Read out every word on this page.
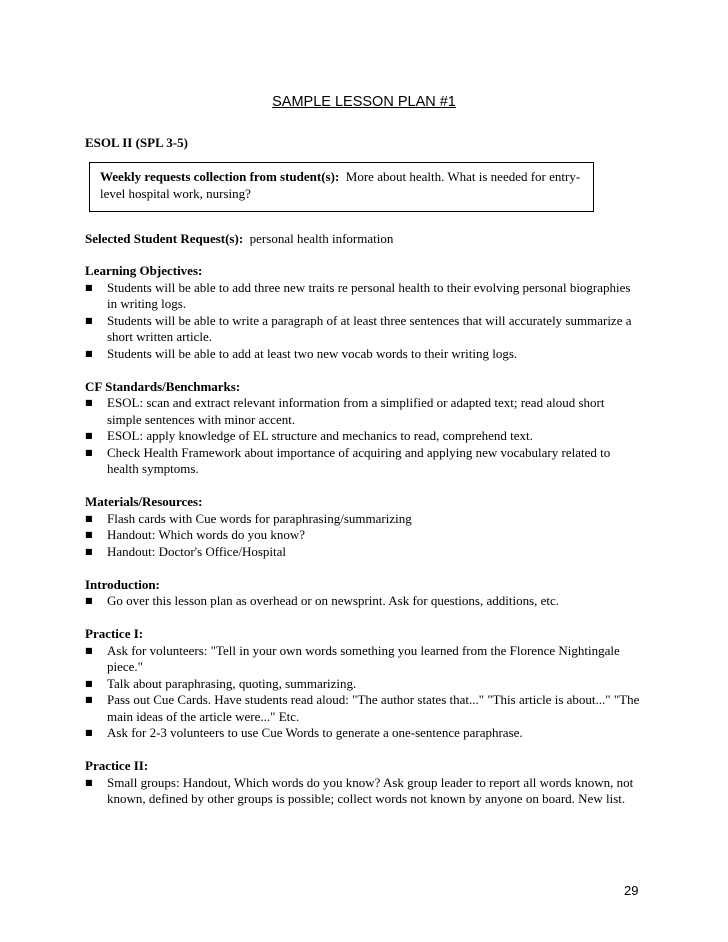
SAMPLE LESSON PLAN #1
ESOL II (SPL 3-5)
Weekly requests collection from student(s): More about health. What is needed for entry-level hospital work, nursing?
Selected Student Request(s): personal health information
Learning Objectives:
■ Students will be able to add three new traits re personal health to their evolving personal biographies in writing logs.
■ Students will be able to write a paragraph of at least three sentences that will accurately summarize a short written article.
■ Students will be able to add at least two new vocab words to their writing logs.
CF Standards/Benchmarks:
■ ESOL: scan and extract relevant information from a simplified or adapted text; read aloud short simple sentences with minor accent.
■ ESOL: apply knowledge of EL structure and mechanics to read, comprehend text.
■ Check Health Framework about importance of acquiring and applying new vocabulary related to health symptoms.
Materials/Resources:
■ Flash cards with Cue words for paraphrasing/summarizing
■ Handout: Which words do you know?
■ Handout: Doctor's Office/Hospital
Introduction:
■ Go over this lesson plan as overhead or on newsprint. Ask for questions, additions, etc.
Practice I:
■ Ask for volunteers: "Tell in your own words something you learned from the Florence Nightingale piece."
■ Talk about paraphrasing, quoting, summarizing.
■ Pass out Cue Cards. Have students read aloud: "The author states that..." "This article is about..." "The main ideas of the article were..." Etc.
■ Ask for 2-3 volunteers to use Cue Words to generate a one-sentence paraphrase.
Practice II:
■ Small groups: Handout, Which words do you know? Ask group leader to report all words known, not known, defined by other groups is possible; collect words not known by anyone on board. New list.
29
